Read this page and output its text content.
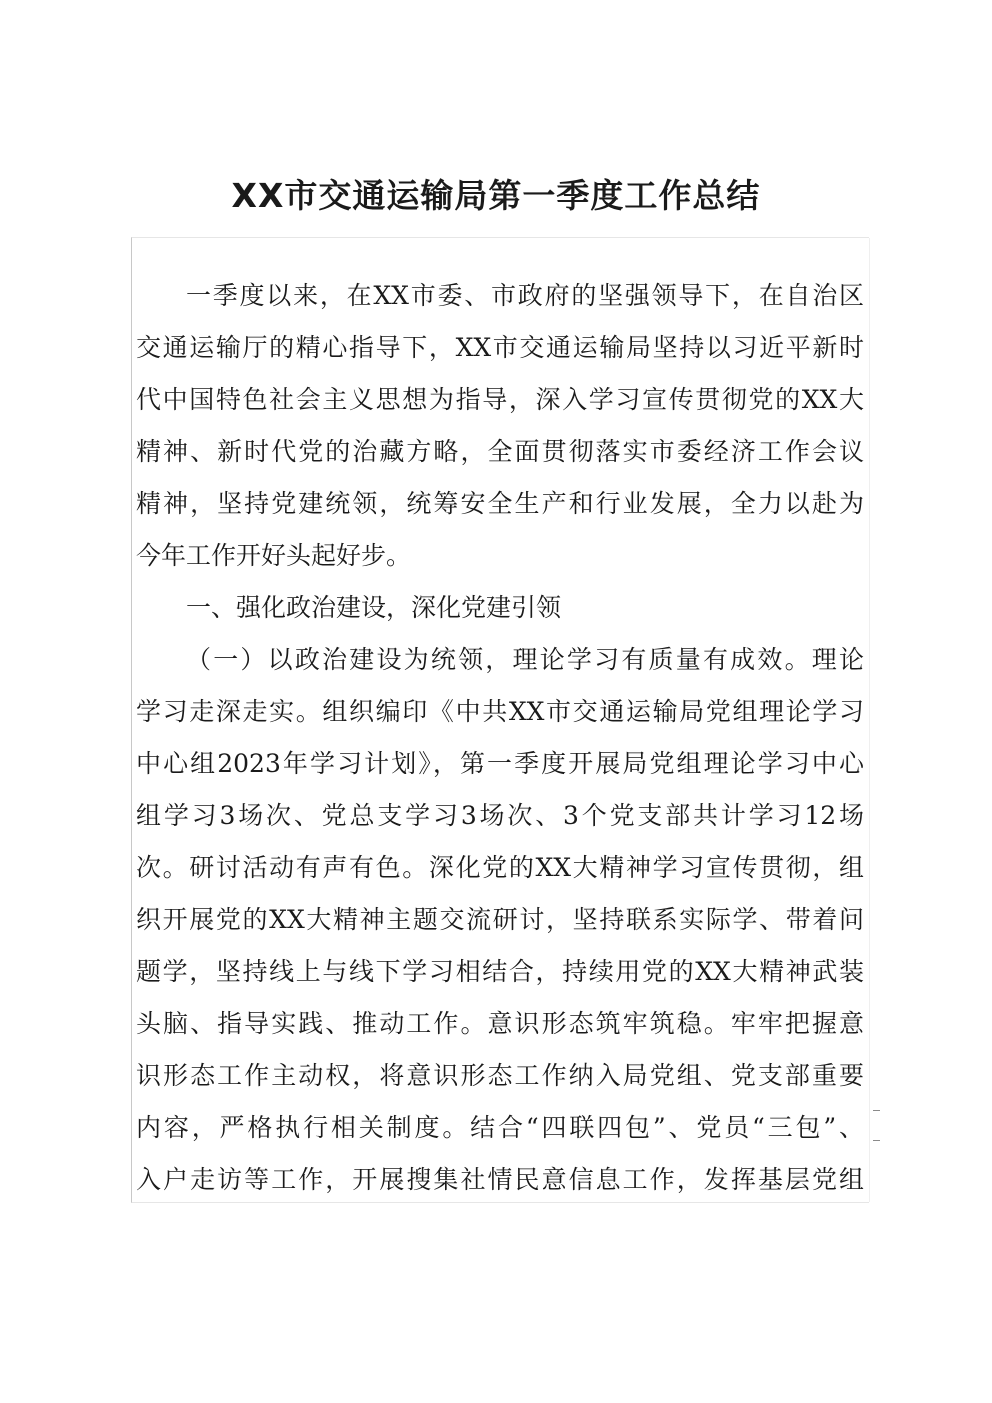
XX市交通运输局第一季度工作总结

一季度以来，在XX市委、市政府的坚强领导下，在自治区

交通运输厅的精心指导下，XX市交通运输局坚持以习近平新时

代中国特色社会主义思想为指导，深入学习宣传贯彻党的XX大

精神、新时代党的治藏方略，全面贯彻落实市委经济工作会议

精神，坚持党建统领，统筹安全生产和行业发展，全力以赴为

今年工作开好头起好步。

一、强化政治建设，深化党建引领

（一）以政治建设为统领，理论学习有质量有成效。理论

学习走深走实。组织编印《中共XX市交通运输局党组理论学习

中心组2023年学习计划》，第一季度开展局党组理论学习中心

组学习3场次、党总支学习3场次、3个党支部共计学习12场

次。研讨活动有声有色。深化党的XX大精神学习宣传贯彻，组

织开展党的XX大精神主题交流研讨，坚持联系实际学、带着问

题学，坚持线上与线下学习相结合，持续用党的XX大精神武装

头脑、指导实践、推动工作。意识形态筑牢筑稳。牢牢把握意

识形态工作主动权，将意识形态工作纳入局党组、党支部重要

内容，严格执行相关制度。结合“四联四包”、党员“三包”、

入户走访等工作，开展搜集社情民意信息工作，发挥基层党组
